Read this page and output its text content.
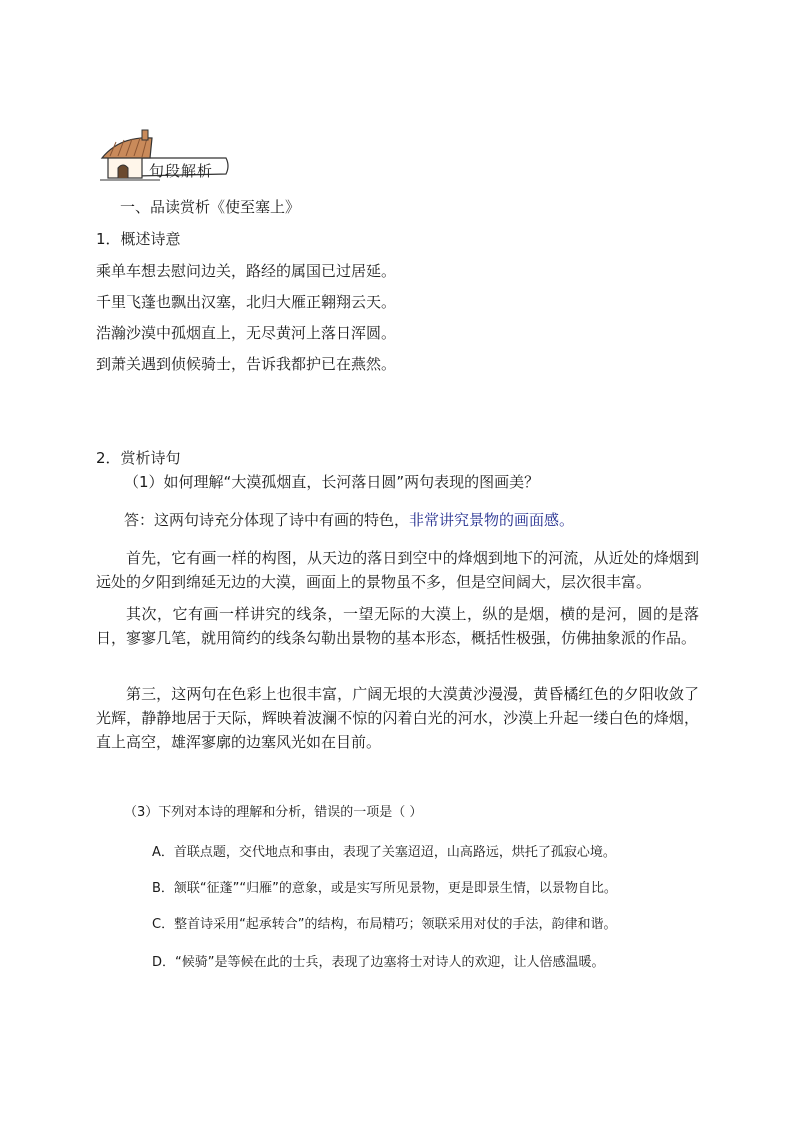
句段解析
一、品读赏析《使至塞上》
1．概述诗意
乘单车想去慰问边关，路经的属国已过居延。
千里飞蓬也飘出汉塞，北归大雁正翱翔云天。
浩瀚沙漠中孤烟直上，无尽黄河上落日浑圆。
到萧关遇到侦候骑士，告诉我都护已在燕然。
2．赏析诗句
（1）如何理解“大漠孤烟直，长河落日圆”两句表现的图画美？
答：这两句诗充分体现了诗中有画的特色，非常讲究景物的画面感。
首先，它有画一样的构图，从天边的落日到空中的烽烟到地下的河流，从近处的烽烟到远处的夕阳到绵延无边的大漠，画面上的景物虽不多，但是空间阔大，层次很丰富。
其次，它有画一样讲究的线条，一望无际的大漠上，纵的是烟，横的是河，圆的是落日，寥寥几笔，就用简约的线条勾勒出景物的基本形态，概括性极强，仿佛抽象派的作品。
第三，这两句在色彩上也很丰富，广阔无垠的大漠黄沙漫漫，黄昏橘红色的夕阳收敛了光辉，静静地居于天际，辉映着波澜不惊的闪着白光的河水，沙漠上升起一缕白色的烽烟，直上高空，雄浑寥廓的边塞风光如在目前。
（3）下列对本诗的理解和分析，错误的一项是（ ）
A．首联点题，交代地点和事由，表现了关塞迢迢，山高路远，烘托了孤寂心境。
B．颔联“征蓬”“归雁”的意象，或是实写所见景物，更是即景生情，以景物自比。
C．整首诗采用“起承转合”的结构，布局精巧；领联采用对仗的手法，韵律和谐。
D．“候骑”是等候在此的士兵，表现了边塞将士对诗人的欢迎，让人倍感温暖。
